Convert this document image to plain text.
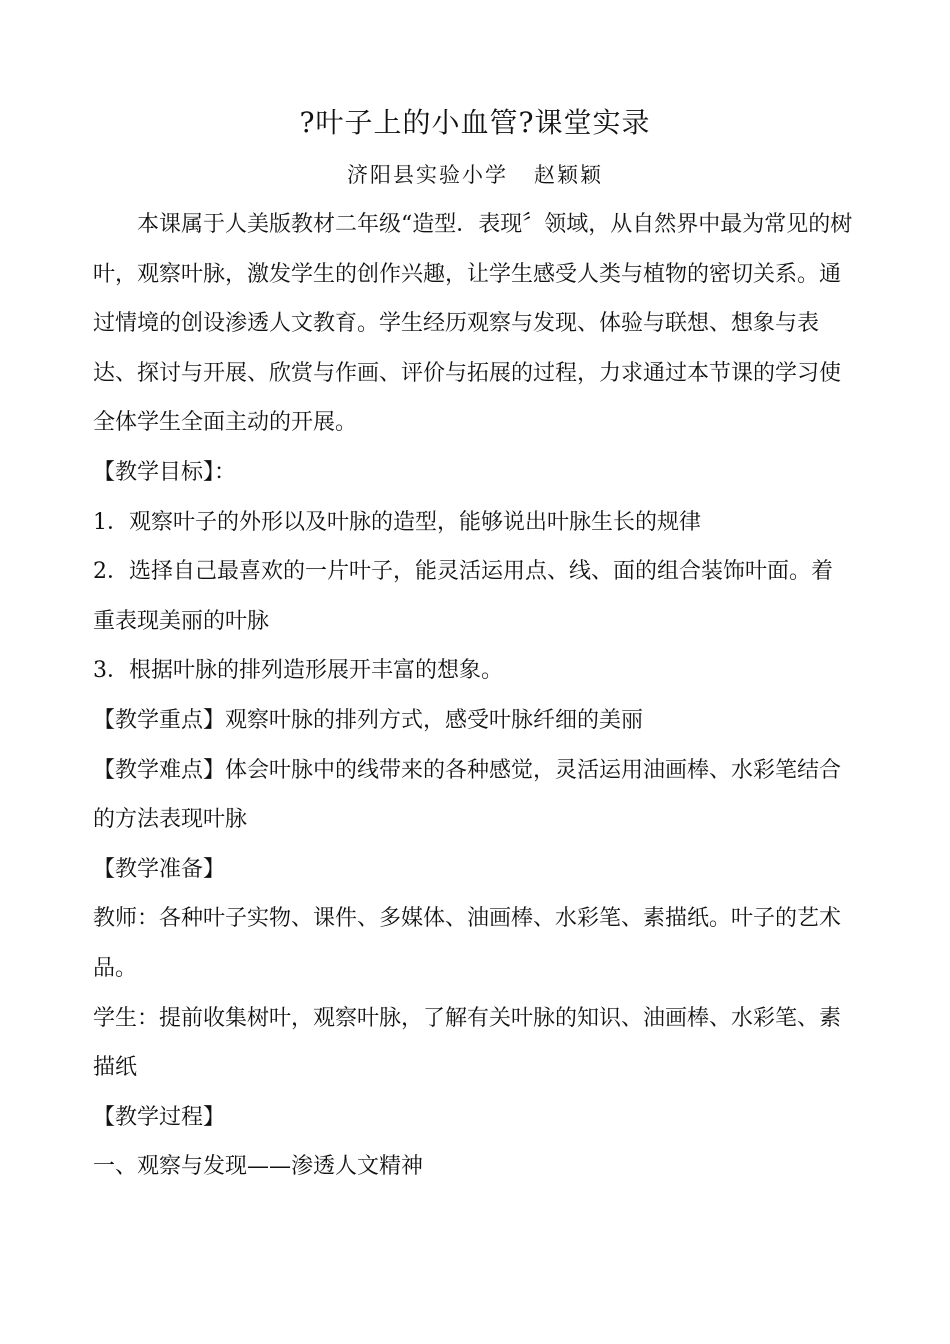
?叶子上的小血管?课堂实录
济阳县实验小学 赵颖颖

本课属于人美版教材二年级“造型．表现〞领域，从自然界中最为常见的树叶，观察叶脉，激发学生的创作兴趣，让学生感受人类与植物的密切关系。通过情境的创设渗透人文教育。学生经历观察与发现、体验与联想、想象与表达、探讨与开展、欣赏与作画、评价与拓展的过程，力求通过本节课的学习使全体学生全面主动的开展。

【教学目标】：

1．观察叶子的外形以及叶脉的造型，能够说出叶脉生长的规律

2．选择自己最喜欢的一片叶子，能灵活运用点、线、面的组合装饰叶面。着重表现美丽的叶脉

3．根据叶脉的排列造形展开丰富的想象。

【教学重点】观察叶脉的排列方式，感受叶脉纤细的美丽

【教学难点】体会叶脉中的线带来的各种感觉，灵活运用油画棒、水彩笔结合的方法表现叶脉

【教学准备】

教师：各种叶子实物、课件、多媒体、油画棒、水彩笔、素描纸。叶子的艺术品。

学生：提前收集树叶，观察叶脉，了解有关叶脉的知识、油画棒、水彩笔、素描纸

【教学过程】

一、观察与发现——渗透人文精神
